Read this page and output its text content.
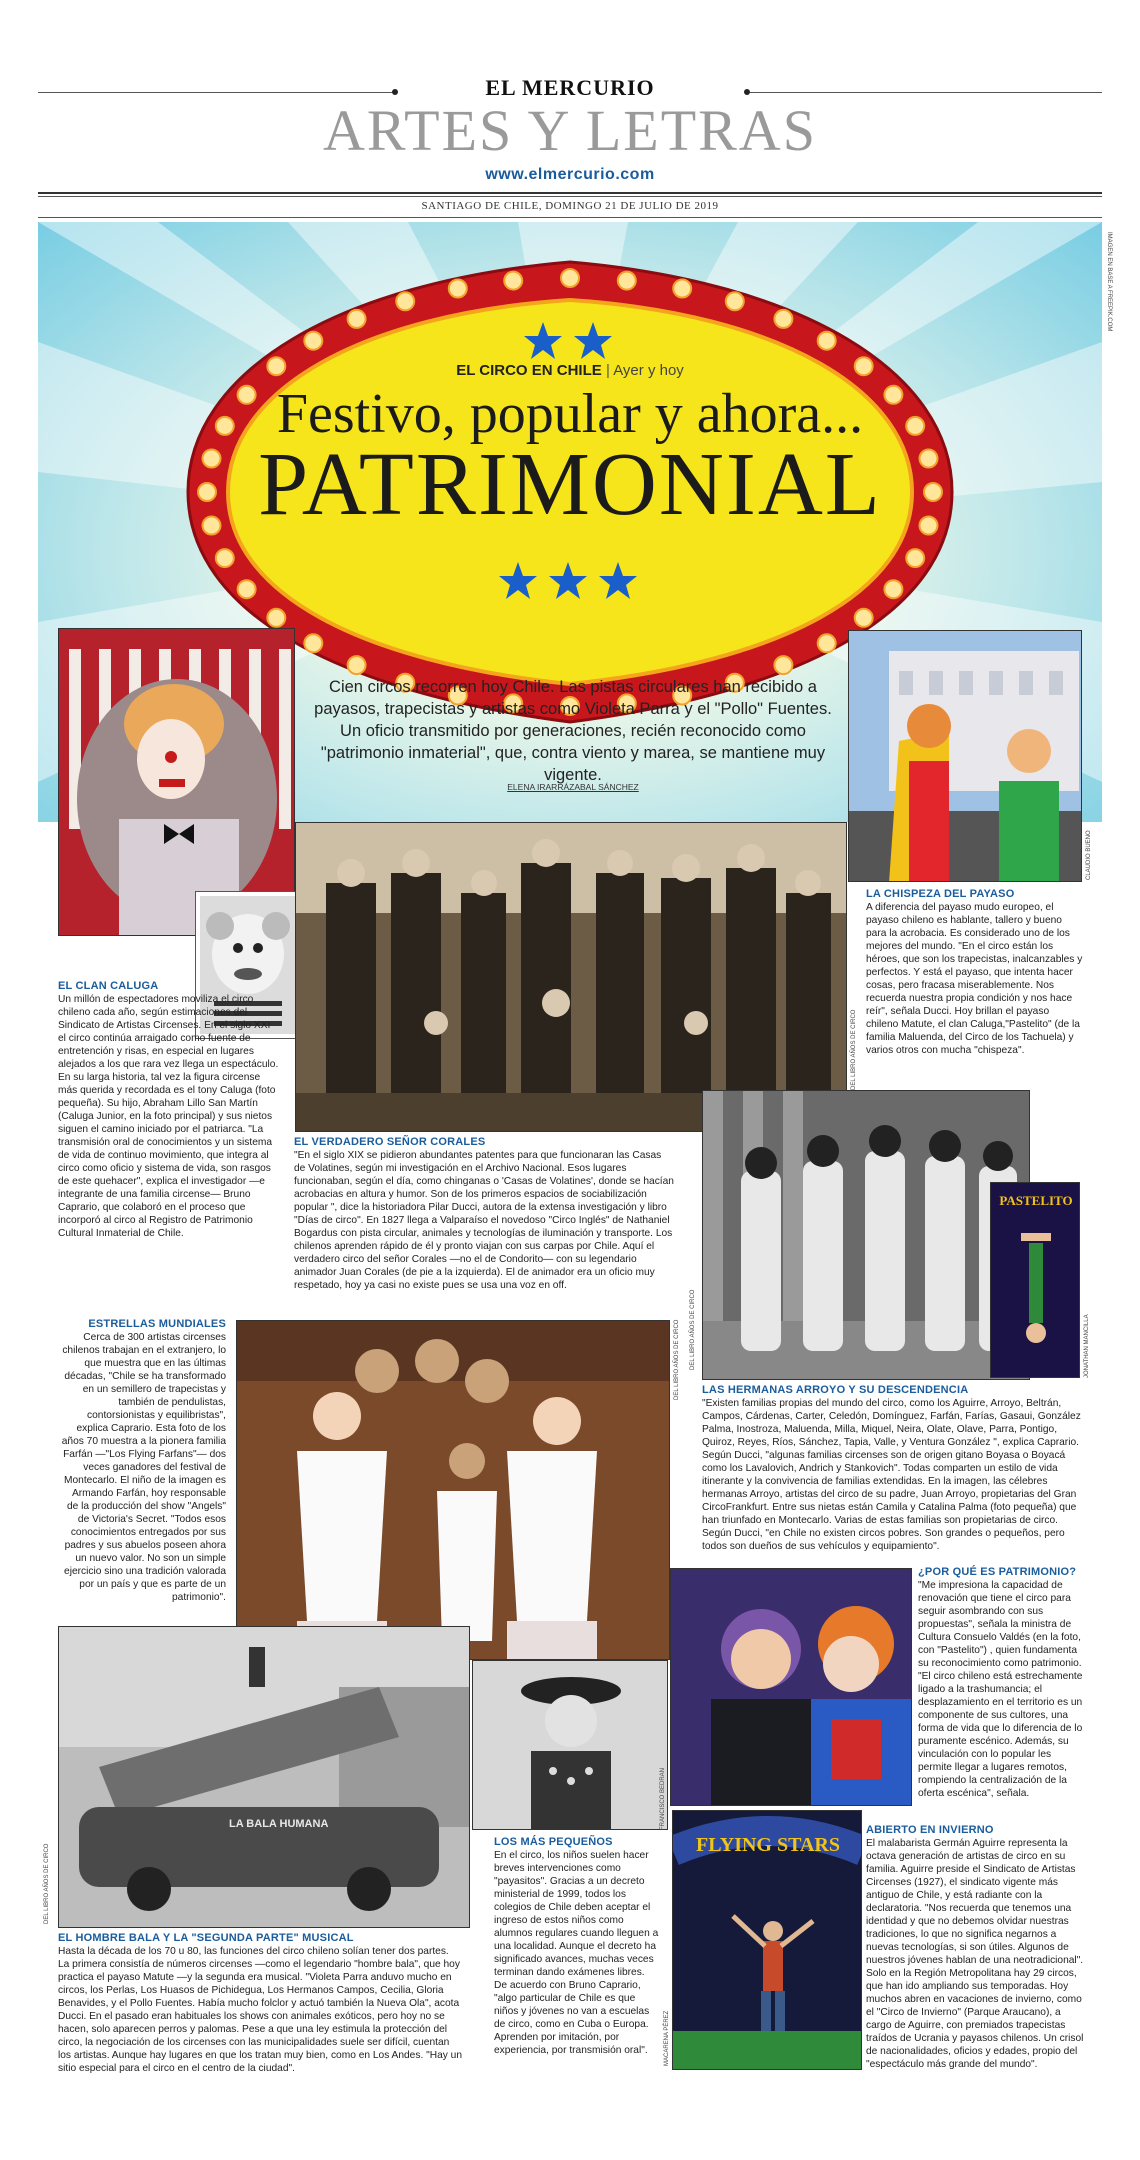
EL MERCURIO
ARTES Y LETRAS
www.elmercurio.com
SANTIAGO DE CHILE, DOMINGO 21 DE JULIO DE 2019
EL CIRCO EN CHILE | Ayer y hoy
Festivo, popular y ahora...
PATRIMONIAL
IMAGEN EN BASE A FREEPIK.COM
Cien circos recorren hoy Chile. Las pistas circulares han recibido a payasos, trapecistas y artistas como Violeta Parra y el "Pollo" Fuentes. Un oficio transmitido por generaciones, recién reconocido como "patrimonio inmaterial", que, contra viento y marea, se mantiene muy vigente.
ELENA IRARRÁZABAL SÁNCHEZ
DEL LIBRO AÑOS DE CIRCO
CLAUDIO BUENO
DEL LIBRO AÑOS DE CIRCO
PASTELITO
JONATHAN MANCILLA
DEL LIBRO AÑOS DE CIRCO
LA BALA HUMANA
DEL LIBRO AÑOS DE CIRCO
FRANCISCO BEDRAN
FLYING STARS
MACARENA PÉREZ
EL CLAN CALUGA
Un millón de espectadores moviliza el circo chileno cada año, según estimaciones del Sindicato de Artistas Circenses. En el siglo XXI el circo continúa arraigado como fuente de entretención y risas, en especial en lugares alejados a los que rara vez llega un espectáculo. En su larga historia, tal vez la figura circense más querida y recordada es el tony Caluga (foto pequeña). Su hijo, Abraham Lillo San Martín (Caluga Junior, en la foto principal) y sus nietos siguen el camino iniciado por el patriarca. "La transmisión oral de conocimientos y un sistema de vida de continuo movimiento, que integra al circo como oficio y sistema de vida, son rasgos de este quehacer", explica el investigador —e integrante de una familia circense— Bruno Caprario, que colaboró en el proceso que incorporó al circo al Registro de Patrimonio Cultural Inmaterial de Chile.
EL VERDADERO SEÑOR CORALES
"En el siglo XIX se pidieron abundantes patentes para que funcionaran las Casas de Volatines, según mi investigación en el Archivo Nacional. Esos lugares funcionaban, según el día, como chinganas o 'Casas de Volatines', donde se hacían acrobacias en altura y humor. Son de los primeros espacios de sociabilización popular ", dice la historiadora Pilar Ducci, autora de la extensa investigación y libro "Días de circo". En 1827 llega a Valparaíso el novedoso "Circo Inglés" de Nathaniel Bogardus con pista circular, animales y tecnologías de iluminación y transporte. Los chilenos aprenden rápido de él y pronto viajan con sus carpas por Chile. Aquí el verdadero circo del señor Corales —no el de Condorito— con su legendario animador Juan Corales (de pie a la izquierda). El de animador era un oficio muy respetado, hoy ya casi no existe pues se usa una voz en off.
LA CHISPEZA DEL PAYASO
A diferencia del payaso mudo europeo, el payaso chileno es hablante, tallero y bueno para la acrobacia. Es considerado uno de los mejores del mundo. "En el circo están los héroes, que son los trapecistas, inalcanzables y perfectos. Y está el payaso, que intenta hacer cosas, pero fracasa miserablemente. Nos recuerda nuestra propia condición y nos hace reír", señala Ducci. Hoy brillan el payaso chileno Matute, el clan Caluga,"Pastelito" (de la familia Maluenda, del Circo de los Tachuela) y varios otros con mucha "chispeza".
ESTRELLAS MUNDIALES
Cerca de 300 artistas circenses chilenos trabajan en el extranjero, lo que muestra que en las últimas décadas, "Chile se ha transformado en un semillero de trapecistas y también de pendulistas, contorsionistas y equilibristas", explica Caprario. Esta foto de los años 70 muestra a la pionera familia Farfán —"Los Flying Farfans"— dos veces ganadores del festival de Montecarlo. El niño de la imagen es Armando Farfán, hoy responsable de la producción del show "Angels" de Victoria's Secret. "Todos esos conocimientos entregados por sus padres y sus abuelos poseen ahora un nuevo valor. No son un simple ejercicio sino una tradición valorada por un país y que es parte de un patrimonio".
LAS HERMANAS ARROYO Y SU DESCENDENCIA
"Existen familias propias del mundo del circo, como los Aguirre, Arroyo, Beltrán, Campos, Cárdenas, Carter, Celedón, Domínguez, Farfán, Farías, Gasaui, González Palma, Inostroza, Maluenda, Milla, Miquel, Neira, Olate, Olave, Parra, Pontigo, Quiroz, Reyes, Ríos, Sánchez, Tapia, Valle, y Ventura González ", explica Caprario. Según Ducci, "algunas familias circenses son de origen gitano Boyasa o Boyacá como los Lavalovich, Andrich y Stankovich". Todas comparten un estilo de vida itinerante y la convivencia de familias extendidas. En la imagen, las célebres hermanas Arroyo, artistas del circo de su padre, Juan Arroyo, propietarias del Gran CircoFrankfurt. Entre sus nietas están Camila y Catalina Palma (foto pequeña) que han triunfado en Montecarlo. Varias de estas familias son propietarias de circo. Según Ducci, "en Chile no existen circos pobres. Son grandes o pequeños, pero todos son dueños de sus vehículos y equipamiento".
¿POR QUÉ ES PATRIMONIO?
"Me impresiona la capacidad de renovación que tiene el circo para seguir asombrando con sus propuestas", señala la ministra de Cultura Consuelo Valdés (en la foto, con "Pastelito") , quien fundamenta su reconocimiento como patrimonio. "El circo chileno está estrechamente ligado a la trashumancia; el desplazamiento en el territorio es un componente de sus cultores, una forma de vida que lo diferencia de lo puramente escénico. Además, su vinculación con lo popular les permite llegar a lugares remotos, rompiendo la centralización de la oferta escénica", señala.
EL HOMBRE BALA Y LA "SEGUNDA PARTE" MUSICAL
Hasta la década de los 70 u 80, las funciones del circo chileno solían tener dos partes. La primera consistía de números circenses —como el legendario "hombre bala", que hoy practica el payaso Matute —y la segunda era musical. "Violeta Parra anduvo mucho en circos, los Perlas, Los Huasos de Pichidegua, Los Hermanos Campos, Cecilia, Gloria Benavides, y el Pollo Fuentes. Había mucho folclor y actuó también la Nueva Ola", acota Ducci. En el pasado eran habituales los shows con animales exóticos, pero hoy no se hacen, solo aparecen perros y palomas. Pese a que una ley estimula la protección del circo, la negociación de los circenses con las municipalidades suele ser difícil, cuentan los artistas. Aunque hay lugares en que los tratan muy bien, como en Los Andes. "Hay un sitio especial para el circo en el centro de la ciudad".
LOS MÁS PEQUEÑOS
En el circo, los niños suelen hacer breves intervenciones como "payasitos". Gracias a un decreto ministerial de 1999, todos los colegios de Chile deben aceptar el ingreso de estos niños como alumnos regulares cuando lleguen a una localidad. Aunque el decreto ha significado avances, muchas veces terminan dando exámenes libres. De acuerdo con Bruno Caprario, "algo particular de Chile es que niños y jóvenes no van a escuelas de circo, como en Cuba o Europa. Aprenden por imitación, por experiencia, por transmisión oral".
ABIERTO EN INVIERNO
El malabarista Germán Aguirre representa la octava generación de artistas de circo en su familia. Aguirre preside el Sindicato de Artistas Circenses (1927), el sindicato vigente más antiguo de Chile, y está radiante con la declaratoria. "Nos recuerda que tenemos una identidad y que no debemos olvidar nuestras tradiciones, lo que no significa negarnos a nuevas tecnologías, si son útiles. Algunos de nuestros jóvenes hablan de una neotradicional". Solo en la Región Metropolitana hay 29 circos, que han ido ampliando sus temporadas. Hoy muchos abren en vacaciones de invierno, como el "Circo de Invierno" (Parque Araucano), a cargo de Aguirre, con premiados trapecistas traídos de Ucrania y payasos chilenos. Un crisol de nacionalidades, oficios y edades, propio del "espectáculo más grande del mundo".
